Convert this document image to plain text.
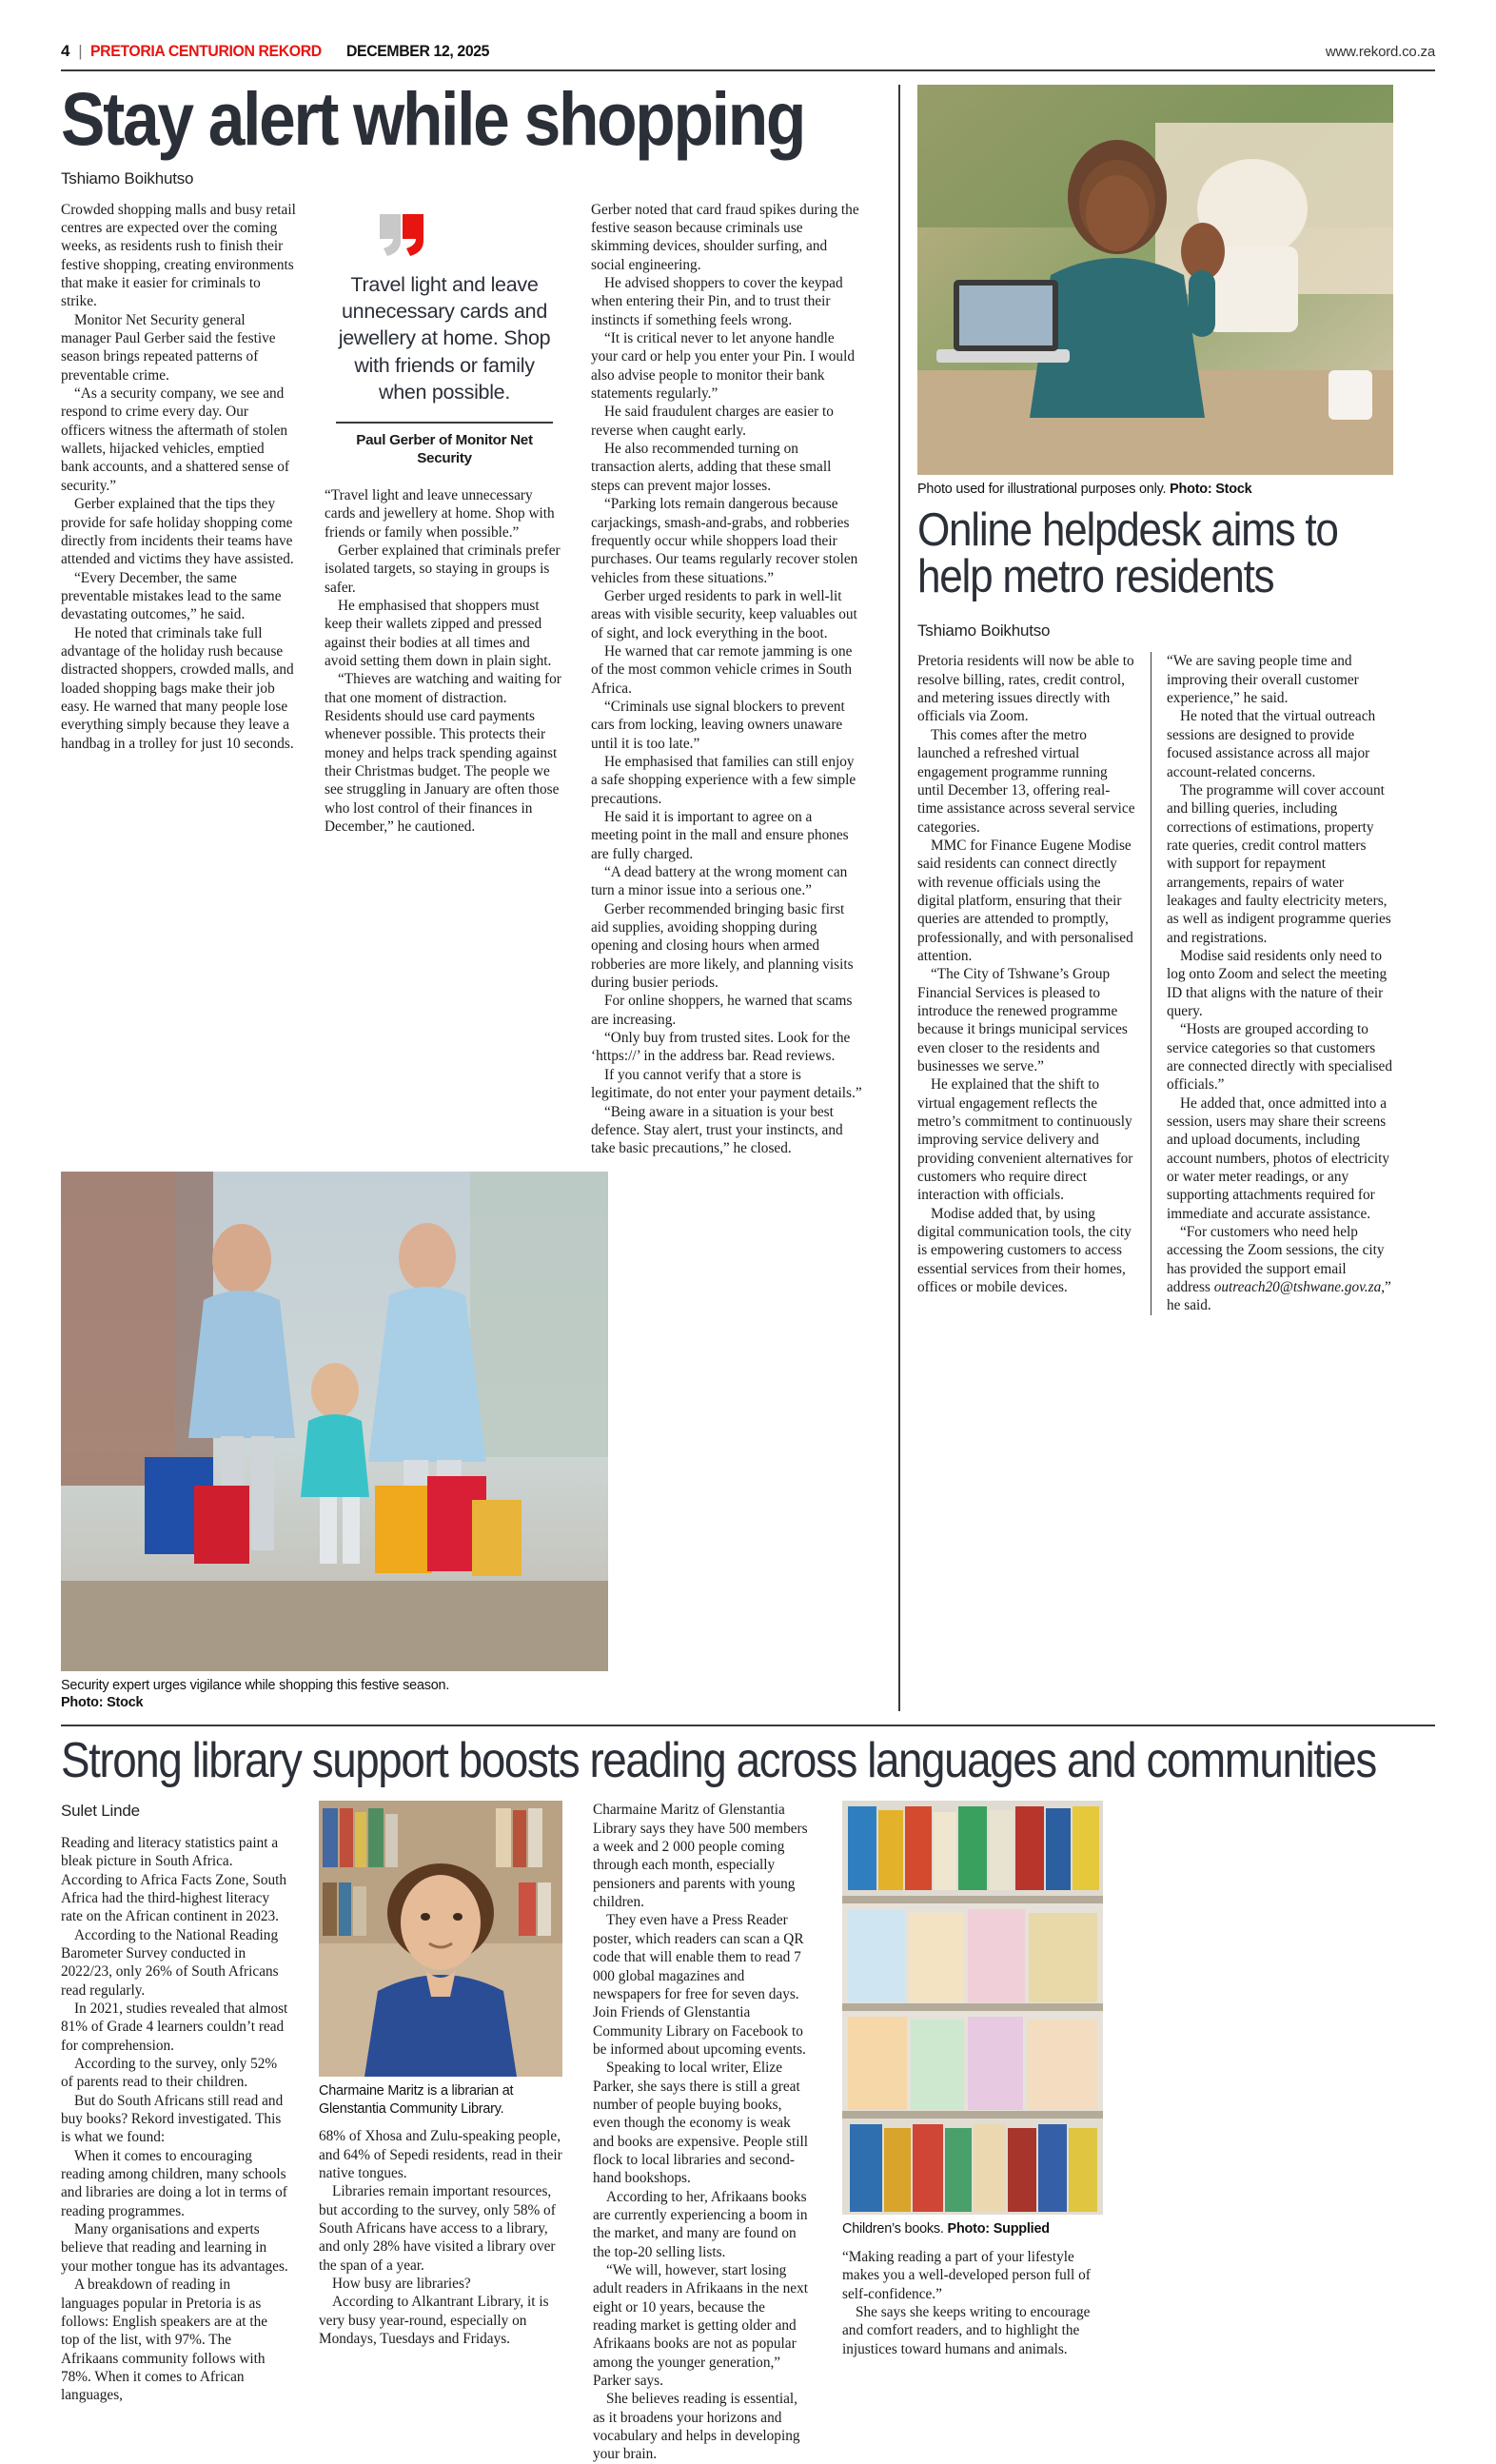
4 | PRETORIA CENTURION REKORD DECEMBER 12, 2025	www.rekord.co.za
Stay alert while shopping
Tshiamo Boikhutso

Crowded shopping malls and busy retail centres are expected over the coming weeks, as residents rush to finish their festive shopping, creating environments that make it easier for criminals to strike.

Monitor Net Security general manager Paul Gerber said the festive season brings repeated patterns of preventable crime.

“As a security company, we see and respond to crime every day. Our officers witness the aftermath of stolen wallets, hijacked vehicles, emptied bank accounts, and a shattered sense of security.”

Gerber explained that the tips they provide for safe holiday shopping come directly from incidents their teams have attended and victims they have assisted.

“Every December, the same preventable mistakes lead to the same devastating outcomes,” he said.

He noted that criminals take full advantage of the holiday rush because distracted shoppers, crowded malls, and loaded shopping bags make their job easy. He warned that many people lose everything simply because they leave a handbag in a trolley for just 10 seconds.

Travel light and leave unnecessary cards and jewellery at home. Shop with friends or family when possible.
Paul Gerber of Monitor Net Security

“Travel light and leave unnecessary cards and jewellery at home. Shop with friends or family when possible.”

Gerber explained that criminals prefer isolated targets, so staying in groups is safer.

He emphasised that shoppers must keep their wallets zipped and pressed against their bodies at all times and avoid setting them down in plain sight.

“Thieves are watching and waiting for that one moment of distraction. Residents should use card payments whenever possible. This protects their money and helps track spending against their Christmas budget. The people we see struggling in January are often those who lost control of their finances in December,” he cautioned.

Gerber noted that card fraud spikes during the festive season because criminals use skimming devices, shoulder surfing, and social engineering.

He advised shoppers to cover the keypad when entering their Pin, and to trust their instincts if something feels wrong.

“It is critical never to let anyone handle your card or help you enter your Pin. I would also advise people to monitor their bank statements regularly.”

He said fraudulent charges are easier to reverse when caught early.

He also recommended turning on transaction alerts, adding that these small steps can prevent major losses.

“Parking lots remain dangerous because carjackings, smash-and-grabs, and robberies frequently occur while shoppers load their purchases. Our teams regularly recover stolen vehicles from these situations.”

Gerber urged residents to park in well-lit areas with visible security, keep valuables out of sight, and lock everything in the boot.

He warned that car remote jamming is one of the most common vehicle crimes in South Africa.

“Criminals use signal blockers to prevent cars from locking, leaving owners unaware until it is too late.”

He emphasised that families can still enjoy a safe shopping experience with a few simple precautions.

He said it is important to agree on a meeting point in the mall and ensure phones are fully charged.

“A dead battery at the wrong moment can turn a minor issue into a serious one.”

Gerber recommended bringing basic first aid supplies, avoiding shopping during opening and closing hours when armed robberies are more likely, and planning visits during busier periods.

For online shoppers, he warned that scams are increasing.

“Only buy from trusted sites. Look for the ‘https://’ in the address bar. Read reviews.

If you cannot verify that a store is legitimate, do not enter your payment details.”

“Being aware in a situation is your best defence. Stay alert, trust your instincts, and take basic precautions,” he closed.

Security expert urges vigilance while shopping this festive season.
Photo: Stock
Photo used for illustrational purposes only. Photo: Stock
Online helpdesk aims to help metro residents
Tshiamo Boikhutso

Pretoria residents will now be able to resolve billing, rates, credit control, and metering issues directly with officials via Zoom.

This comes after the metro launched a refreshed virtual engagement programme running until December 13, offering real-time assistance across several service categories.

MMC for Finance Eugene Modise said residents can connect directly with revenue officials using the digital platform, ensuring that their queries are attended to promptly, professionally, and with personalised attention.

“The City of Tshwane’s Group Financial Services is pleased to introduce the renewed programme because it brings municipal services even closer to the residents and businesses we serve.”

He explained that the shift to virtual engagement reflects the metro’s commitment to continuously improving service delivery and providing convenient alternatives for customers who require direct interaction with officials.

Modise added that, by using digital communication tools, the city is empowering customers to access essential services from their homes, offices or mobile devices.

“We are saving people time and improving their overall customer experience,” he said.

He noted that the virtual outreach sessions are designed to provide focused assistance across all major account-related concerns.

The programme will cover account and billing queries, including corrections of estimations, property rate queries, credit control matters with support for repayment arrangements, repairs of water leakages and faulty electricity meters, as well as indigent programme queries and registrations.

Modise said residents only need to log onto Zoom and select the meeting ID that aligns with the nature of their query.

“Hosts are grouped according to service categories so that customers are connected directly with specialised officials.”

He added that, once admitted into a session, users may share their screens and upload documents, including account numbers, photos of electricity or water meter readings, or any supporting attachments required for immediate and accurate assistance.

“For customers who need help accessing the Zoom sessions, the city has provided the support email address outreach20@tshwane.gov.za,” he said.

Strong library support boosts reading across languages and communities
Sulet Linde

Reading and literacy statistics paint a bleak picture in South Africa. According to Africa Facts Zone, South Africa had the third-highest literacy rate on the African continent in 2023.

According to the National Reading Barometer Survey conducted in 2022/23, only 26% of South Africans read regularly.

In 2021, studies revealed that almost 81% of Grade 4 learners couldn’t read for comprehension.

According to the survey, only 52% of parents read to their children.

But do South Africans still read and buy books? Rekord investigated. This is what we found:

When it comes to encouraging reading among children, many schools and libraries are doing a lot in terms of reading programmes.

Many organisations and experts believe that reading and learning in your mother tongue has its advantages.

A breakdown of reading in languages popular in Pretoria is as follows: English speakers are at the top of the list, with 97%. The Afrikaans community follows with 78%. When it comes to African languages,

Charmaine Maritz is a librarian at Glenstantia Community Library.

68% of Xhosa and Zulu-speaking people, and 64% of Sepedi residents, read in their native tongues.

Libraries remain important resources, but according to the survey, only 58% of South Africans have access to a library, and only 28% have visited a library over the span of a year.

How busy are libraries?

According to Alkantrant Library, it is very busy year-round, especially on Mondays, Tuesdays and Fridays.

Charmaine Maritz of Glenstantia Library says they have 500 members a week and 2 000 people coming through each month, especially pensioners and parents with young children.

They even have a Press Reader poster, which readers can scan a QR code that will enable them to read 7 000 global magazines and newspapers for free for seven days. Join Friends of Glenstantia Community Library on Facebook to be informed about upcoming events.

Speaking to local writer, Elize Parker, she says there is still a great number of people buying books, even though the economy is weak and books are expensive. People still flock to local libraries and second-hand bookshops.

According to her, Afrikaans books are currently experiencing a boom in the market, and many are found on the top-20 selling lists.

“We will, however, start losing adult readers in Afrikaans in the next eight or 10 years, because the reading market is getting older and Afrikaans books are not as popular among the younger generation,” Parker says.

She believes reading is essential, as it broadens your horizons and vocabulary and helps in developing your brain.

Children’s books. Photo: Supplied

“Making reading a part of your lifestyle makes you a well-developed person full of self-confidence.”

She says she keeps writing to encourage and comfort readers, and to highlight the injustices toward humans and animals.
